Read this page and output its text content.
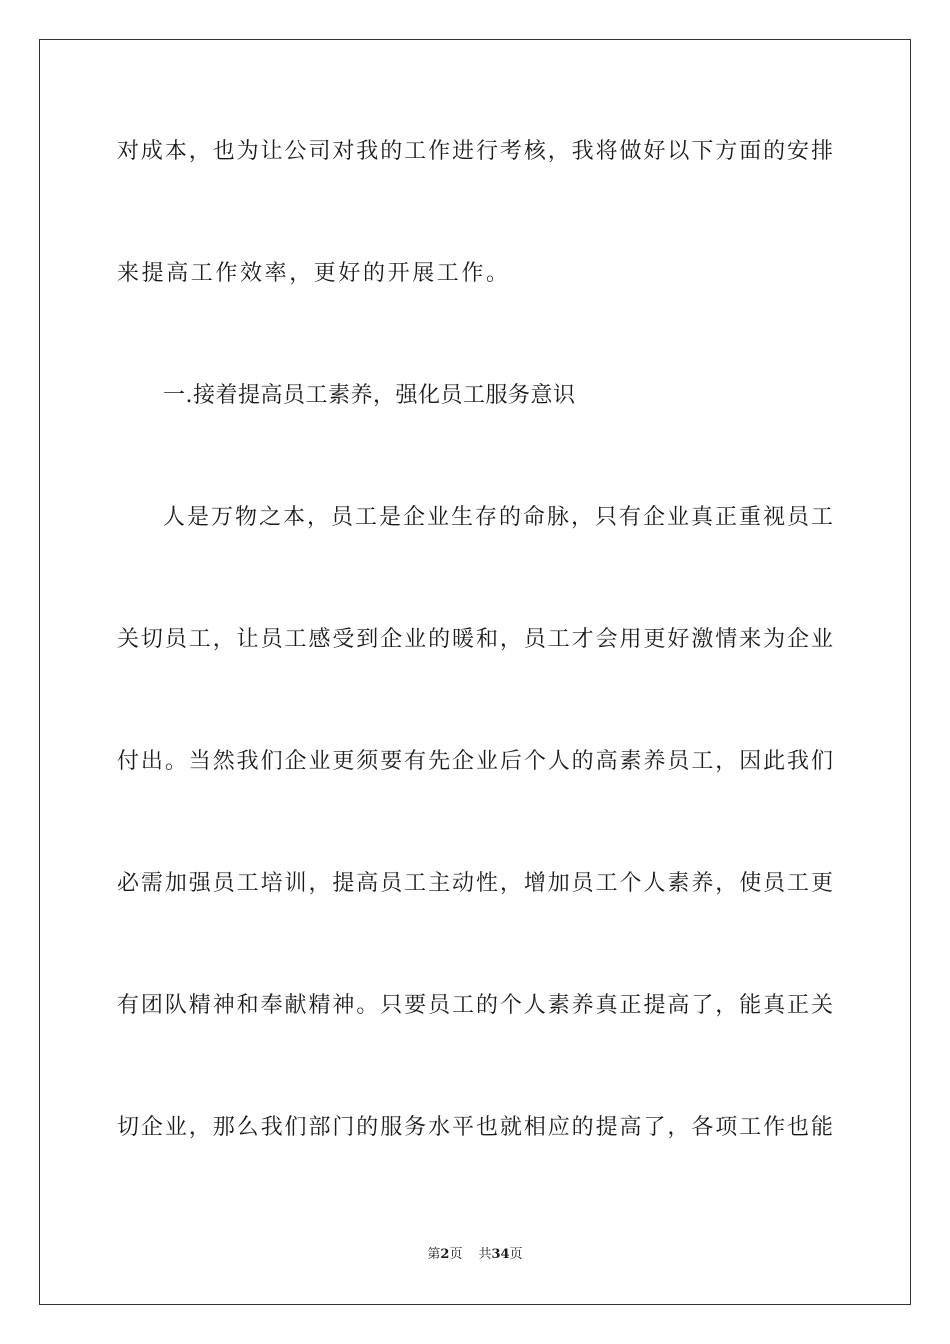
对成本，也为让公司对我的工作进行考核，我将做好以下方面的安排
来提高工作效率，更好的开展工作。
一.接着提高员工素养，强化员工服务意识
人是万物之本，员工是企业生存的命脉，只有企业真正重视员工
关切员工，让员工感受到企业的暖和，员工才会用更好激情来为企业
付出。当然我们企业更须要有先企业后个人的高素养员工，因此我们
必需加强员工培训，提高员工主动性，增加员工个人素养，使员工更
有团队精神和奉献精神。只要员工的个人素养真正提高了，能真正关
切企业，那么我们部门的服务水平也就相应的提高了，各项工作也能
第2页 共34页
